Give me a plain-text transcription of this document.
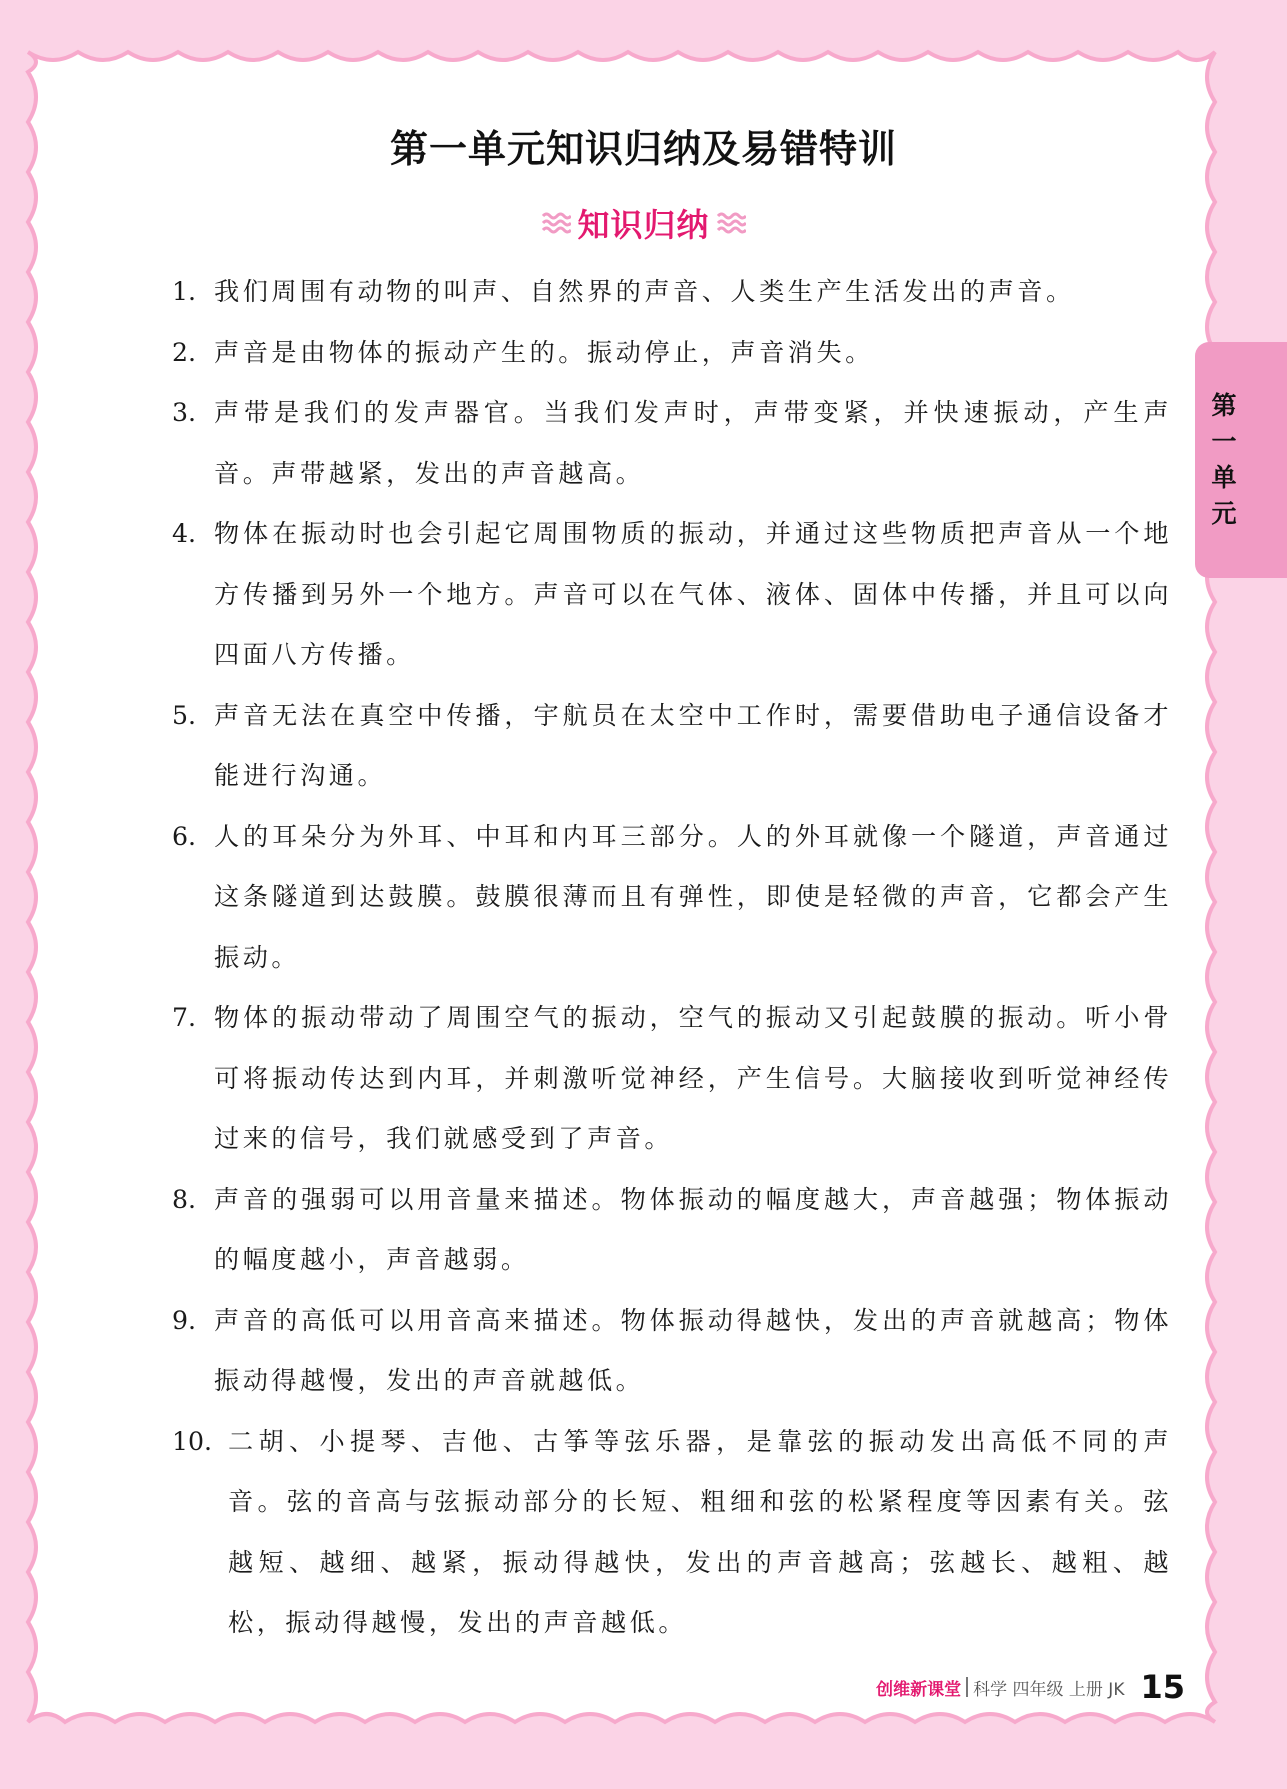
第一单元知识归纳及易错特训
知识归纳
1. 我们周围有动物的叫声、自然界的声音、人类生产生活发出的声音。
2. 声音是由物体的振动产生的。振动停止，声音消失。
3. 声带是我们的发声器官。当我们发声时，声带变紧，并快速振动，产生声音。声带越紧，发出的声音越高。
4. 物体在振动时也会引起它周围物质的振动，并通过这些物质把声音从一个地方传播到另外一个地方。声音可以在气体、液体、固体中传播，并且可以向四面八方传播。
5. 声音无法在真空中传播，宇航员在太空中工作时，需要借助电子通信设备才能进行沟通。
6. 人的耳朵分为外耳、中耳和内耳三部分。人的外耳就像一个隧道，声音通过这条隧道到达鼓膜。鼓膜很薄而且有弹性，即使是轻微的声音，它都会产生振动。
7. 物体的振动带动了周围空气的振动，空气的振动又引起鼓膜的振动。听小骨可将振动传达到内耳，并刺激听觉神经，产生信号。大脑接收到听觉神经传过来的信号，我们就感受到了声音。
8. 声音的强弱可以用音量来描述。物体振动的幅度越大，声音越强；物体振动的幅度越小，声音越弱。
9. 声音的高低可以用音高来描述。物体振动得越快，发出的声音就越高；物体振动得越慢，发出的声音就越低。
10. 二胡、小提琴、吉他、古筝等弦乐器，是靠弦的振动发出高低不同的声音。弦的音高与弦振动部分的长短、粗细和弦的松紧程度等因素有关。弦越短、越细、越紧，振动得越快，发出的声音越高；弦越长、越粗、越松，振动得越慢，发出的声音越低。
第一单元
创维新课堂 科学 四年级 上册 JK 15
